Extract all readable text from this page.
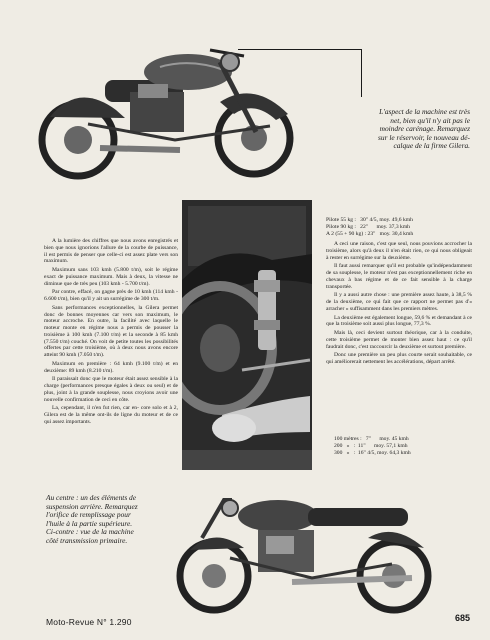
L'aspect de la machine est très
net, bien qu'il n'y ait pas le
moindre carénage. Remarquez
sur le réservoir, le nouveau dé-
calque de la firme Gilera.

A la lumière des chiffres que nous avons enregistrés et bien que nous ignorions l'allure de la courbe de puissance, il est permis de penser que celle-ci est assez plate vers son maximum.

Maximum sans 103 kmh (5.800 t/m), soit le régime exact de puissance maximum. Mais à deux, la vitesse ne diminue que de très peu (103 kmh - 5.700 t/m).

Par contre, effacé, on gagne près de 10 kmh (114 kmh - 6.600 t/m), bien qu'il y ait un surrégime de 300 t/m.

Sans performances exceptionnelles, la Gilera permet donc de bonnes moyennes car vers son maximum, le moteur accroche. En outre, la facilité avec laquelle le moteur monte en régime nous a permis de pousser la troisième à 100 kmh (7.100 t/m) et la seconde à 85 kmh (7.550 t/m) couché. On voit de petite toutes les possibilités offertes par cette troisième, où à deux nous avons encore atteint 90 kmh (7.050 t/m).

Maximum en première : 64 kmh (9.100 t/m) et en deuxième: 89 kmh (8.210 t/m).

Il paraissait donc que le moteur était assez sensible à la charge (performances presque égales à deux ou seul) et de plus, joint à la grande souplesse, nous croyions avoir une nouvelle confirmation de ceci en côte.

La, cependant, il n'en fut rien, car en- core solo et à 2, Gilera est de la même ont-ils de ligne du moteur et de ce qui assez importants.

Pilote 55 kg :   30" 4/5, moy. 49,6 kmh
Pilote 90 kg :   22"      moy. 37,3 kmh
A 2 (55 + 90 kg) : 23"   moy. 30,4 kmh

A ceci une raison, c'est que seul, nous pouvions accrocher la troisième, alors qu'à deux il n'en était rien, ce qui nous obligeait à rester en surrégime sur la deuxième.

Il faut aussi remarquer qu'il est probable qu'indépendamment de sa souplesse, le moteur n'est pas exceptionnellement riche en chevaux à bas régime et de ce fait sensible à la charge transportée.

Il y a aussi autre chose : une première assez haute, à 38,5 % de la deuxième, ce qui fait que ce rapport ne permet pas d'« arracher » suffisamment dans les premiers mètres.

La deuxième est également longue, 59,6 % et demandant à ce que la troisième soit aussi plus longue, 77,3 %.

Mais là, ceci devient surtout théorique, car à la conduite, cette troisième permet de monter bien assez haut : ce qu'il faudrait donc, c'est raccourcir la deuxième et surtout première.

Donc une première un peu plus courte serait souhaitable, ce qui améliorerait nettement les accélérations, départ arrêté.

100 mètres :   7"      moy. 45 kmh
200   »   :  11"      moy. 57,1 kmh
300   »   :  16" 4/5, moy. 64,3 kmh
Au centre : un des éléments de
suspension arrière. Remarquez
l'orifice de remplissage pour
l'huile à la partie supérieure.
Ci-contre : vue de la machine
côté transmission primaire.
Moto-Revue N° 1.290	685
